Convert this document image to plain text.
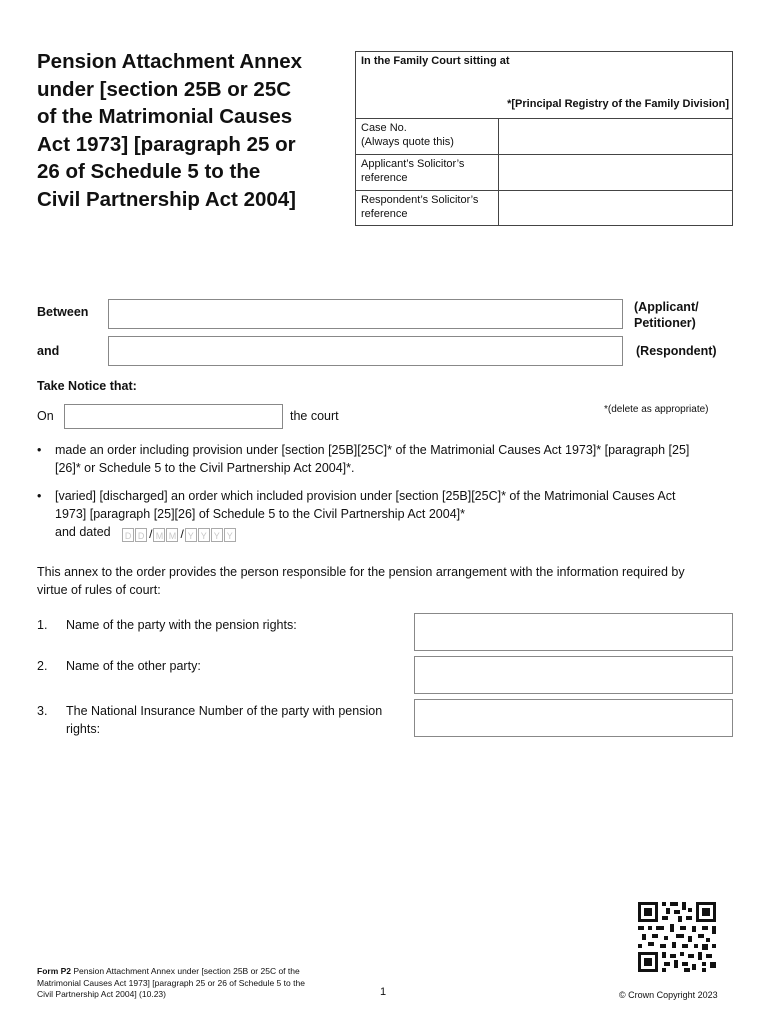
Pension Attachment Annex
under [section 25B or 25C
of the Matrimonial Causes
Act 1973] [paragraph 25 or
26 of Schedule 5 to the
Civil Partnership Act 2004]
In the Family Court sitting at
*[Principal Registry of the Family Division]
Case No.
(Always quote this)
Applicant’s Solicitor’s reference
Respondent’s Solicitor’s reference
Between	(Applicant/ Petitioner)
and	(Respondent)
Take Notice that:
On	the court	*(delete as appropriate)
• made an order including provision under [section [25B][25C]* of the Matrimonial Causes Act 1973]* [paragraph [25][26]* or Schedule 5 to the Civil Partnership Act 2004]*.
• [varied] [discharged] an order which included provision under [section [25B][25C]* of the Matrimonial Causes Act 1973] [paragraph [25][26] of Schedule 5 to the Civil Partnership Act 2004]*
and dated D D / M M / Y Y Y Y
This annex to the order provides the person responsible for the pension arrangement with the information required by virtue of rules of court:
1. Name of the party with the pension rights:
2. Name of the other party:
3. The National Insurance Number of the party with pension rights:
Form P2 Pension Attachment Annex under [section 25B or 25C of the Matrimonial Causes Act 1973] [paragraph 25 or 26 of Schedule 5 to the Civil Partnership Act 2004] (10.23)	1	© Crown Copyright 2023
